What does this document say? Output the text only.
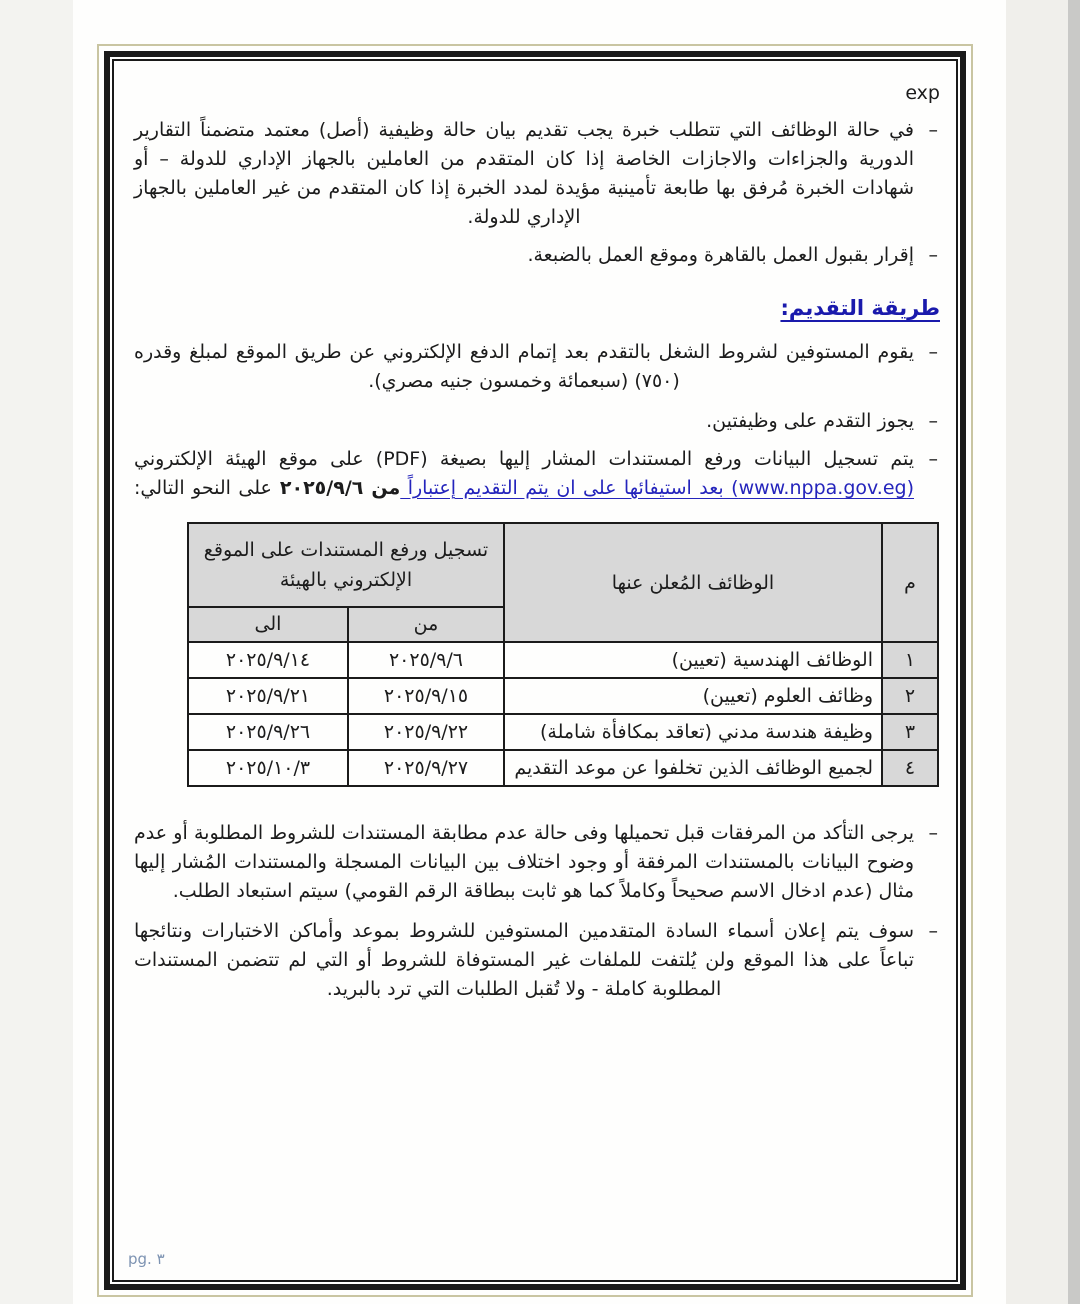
exp
–
في حالة الوظائف التي تتطلب خبرة يجب تقديم بيان حالة وظيفية (أصل) معتمد متضمناً التقارير الدورية والجزاءات والاجازات الخاصة إذا كان المتقدم من العاملين بالجهاز الإداري للدولة – أو شهادات الخبرة مُرفق بها طابعة تأمينية مؤيدة لمدد الخبرة إذا كان المتقدم من غير العاملين بالجهاز الإداري للدولة.
–
إقرار بقبول العمل بالقاهرة وموقع العمل بالضبعة.
طريقة التقديم:
–
يقوم المستوفين لشروط الشغل بالتقدم بعد إتمام الدفع الإلكتروني عن طريق الموقع لمبلغ وقدره (٧٥٠) (سبعمائة وخمسون جنيه مصري).
–
يجوز التقدم على وظيفتين.
–
يتم تسجيل البيانات ورفع المستندات المشار إليها بصيغة (PDF) على موقع الهيئة الإلكتروني (www.nppa.gov.eg) بعد استيفائها على ان يتم التقديم إعتباراً من ٢٠٢٥/٩/٦ على النحو التالي:
م	الوظائف المُعلن عنها	تسجيل ورفع المستندات على الموقع الإلكتروني بالهيئة	
		من	الى
١	الوظائف الهندسية (تعيين)	٢٠٢٥/٩/٦	٢٠٢٥/٩/١٤
٢	وظائف العلوم (تعيين)	٢٠٢٥/٩/١٥	٢٠٢٥/٩/٢١
٣	وظيفة هندسة مدني (تعاقد بمكافأة شاملة)	٢٠٢٥/٩/٢٢	٢٠٢٥/٩/٢٦
٤	لجميع الوظائف الذين تخلفوا عن موعد التقديم	٢٠٢٥/٩/٢٧	٢٠٢٥/١٠/٣
–
يرجى التأكد من المرفقات قبل تحميلها وفى حالة عدم مطابقة المستندات للشروط المطلوبة أو عدم وضوح البيانات بالمستندات المرفقة أو وجود اختلاف بين البيانات المسجلة والمستندات المُشار إليها مثال (عدم ادخال الاسم صحيحاً وكاملاً كما هو ثابت ببطاقة الرقم القومي) سيتم استبعاد الطلب.
–
سوف يتم إعلان أسماء السادة المتقدمين المستوفين للشروط بموعد وأماكن الاختبارات ونتائجها تباعاً على هذا الموقع ولن يُلتفت للملفات غير المستوفاة للشروط أو التي لم تتضمن المستندات المطلوبة كاملة - ولا تُقبل الطلبات التي ترد بالبريد.
pg. ٣
